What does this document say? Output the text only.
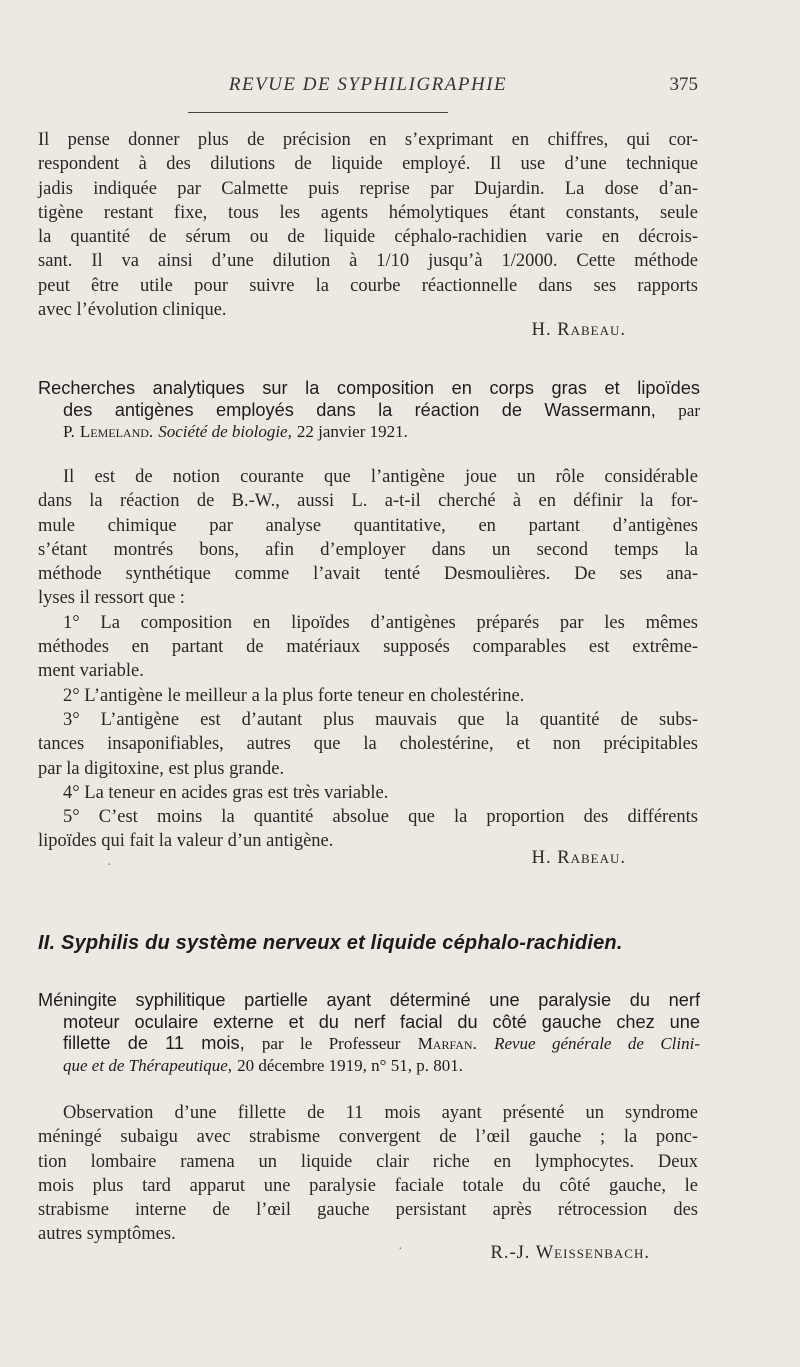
REVUE DE SYPHILIGRAPHIE	375

Il pense donner plus de précision en s’exprimant en chiffres, qui cor-
respondent à des dilutions de liquide employé. Il use d’une technique
jadis indiquée par Calmette puis reprise par Dujardin. La dose d’an-
tigène restant fixe, tous les agents hémolytiques étant constants, seule
la quantité de sérum ou de liquide céphalo-rachidien varie en décrois-
sant. Il va ainsi d’une dilution à 1/10 jusqu’à 1/2000. Cette méthode
peut être utile pour suivre la courbe réactionnelle dans ses rapports
avec l’évolution clinique.

H. Rabeau.
Recherches analytiques sur la composition en corps gras et lipoïdes
des antigènes employés dans la réaction de Wassermann, par
P. Lemeland. Société de biologie, 22 janvier 1921.

Il est de notion courante que l’antigène joue un rôle considérable
dans la réaction de B.-W., aussi L. a-t-il cherché à en définir la for-
mule chimique par analyse quantitative, en partant d’antigènes
s’étant montrés bons, afin d’employer dans un second temps la
méthode synthétique comme l’avait tenté Desmoulières. De ses ana-
lyses il ressort que :
1° La composition en lipoïdes d’antigènes préparés par les mêmes
méthodes en partant de matériaux supposés comparables est extrême-
ment variable.
2° L’antigène le meilleur a la plus forte teneur en cholestérine.
3° L’antigène est d’autant plus mauvais que la quantité de subs-
tances insaponifiables, autres que la cholestérine, et non précipitables
par la digitoxine, est plus grande.
4° La teneur en acides gras est très variable.
5° C’est moins la quantité absolue que la proportion des différents
lipoïdes qui fait la valeur d’un antigène.

H. Rabeau.
·
II. Syphilis du système nerveux et liquide céphalo-rachidien.
Méningite syphilitique partielle ayant déterminé une paralysie du nerf
moteur oculaire externe et du nerf facial du côté gauche chez une
fillette de 11 mois, par le Professeur Marfan. Revue générale de Clini-
que et de Thérapeutique, 20 décembre 1919, n° 51, p. 801.

Observation d’une fillette de 11 mois ayant présenté un syndrome
méningé subaigu avec strabisme convergent de l’œil gauche ; la ponc-
tion lombaire ramena un liquide clair riche en lymphocytes. Deux
mois plus tard apparut une paralysie faciale totale du côté gauche, le
strabisme interne de l’œil gauche persistant après rétrocession des
autres symptômes.

R.-J. Weissenbach.
·
